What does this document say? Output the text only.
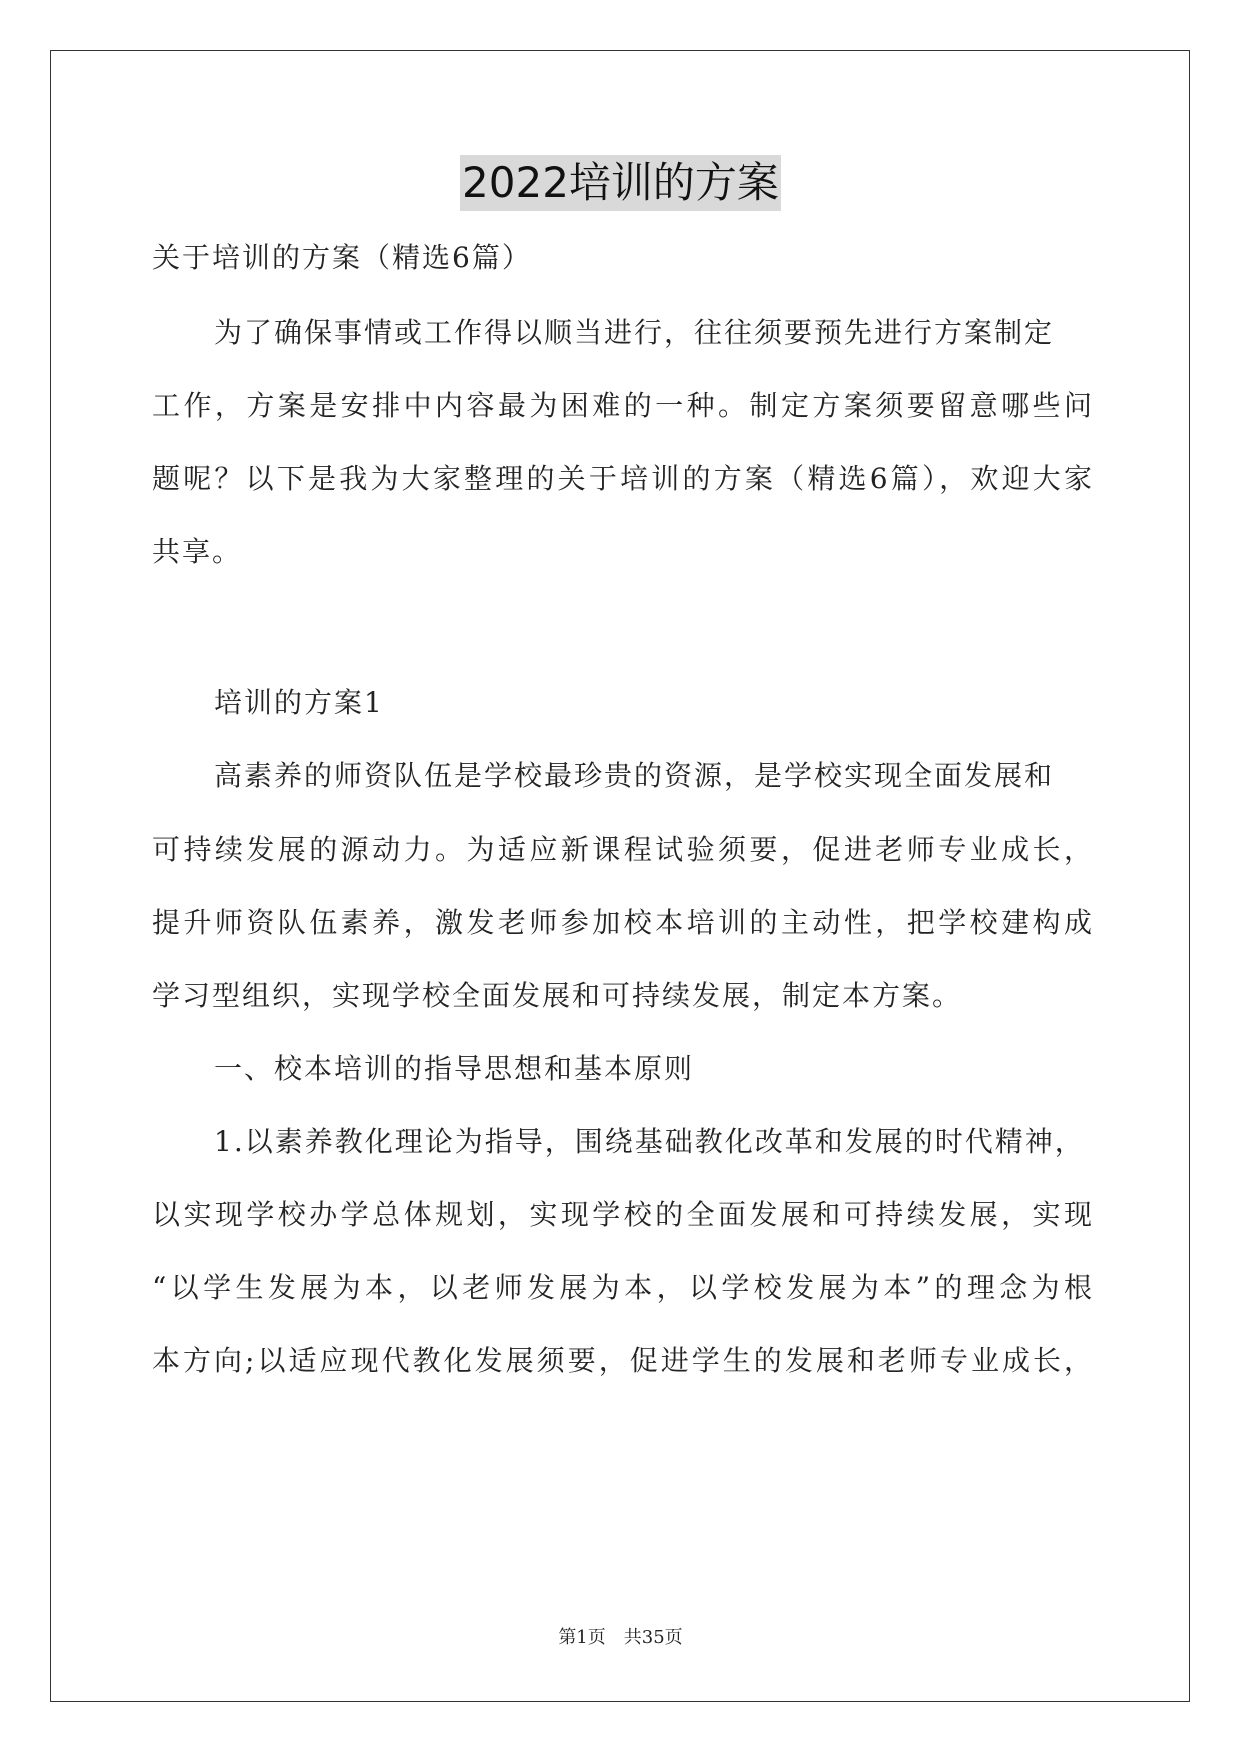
2022培训的方案
关于培训的方案（精选6篇）
为了确保事情或工作得以顺当进行，往往须要预先进行方案制定
工作，方案是安排中内容最为困难的一种。制定方案须要留意哪些问
题呢？以下是我为大家整理的关于培训的方案（精选6篇），欢迎大家
共享。
培训的方案1
高素养的师资队伍是学校最珍贵的资源，是学校实现全面发展和
可持续发展的源动力。为适应新课程试验须要，促进老师专业成长，
提升师资队伍素养，激发老师参加校本培训的主动性，把学校建构成
学习型组织，实现学校全面发展和可持续发展，制定本方案。
一、校本培训的指导思想和基本原则
1.以素养教化理论为指导，围绕基础教化改革和发展的时代精神，
以实现学校办学总体规划，实现学校的全面发展和可持续发展，实现
“以学生发展为本，以老师发展为本，以学校发展为本”的理念为根
本方向;以适应现代教化发展须要，促进学生的发展和老师专业成长，
第1页　共35页
